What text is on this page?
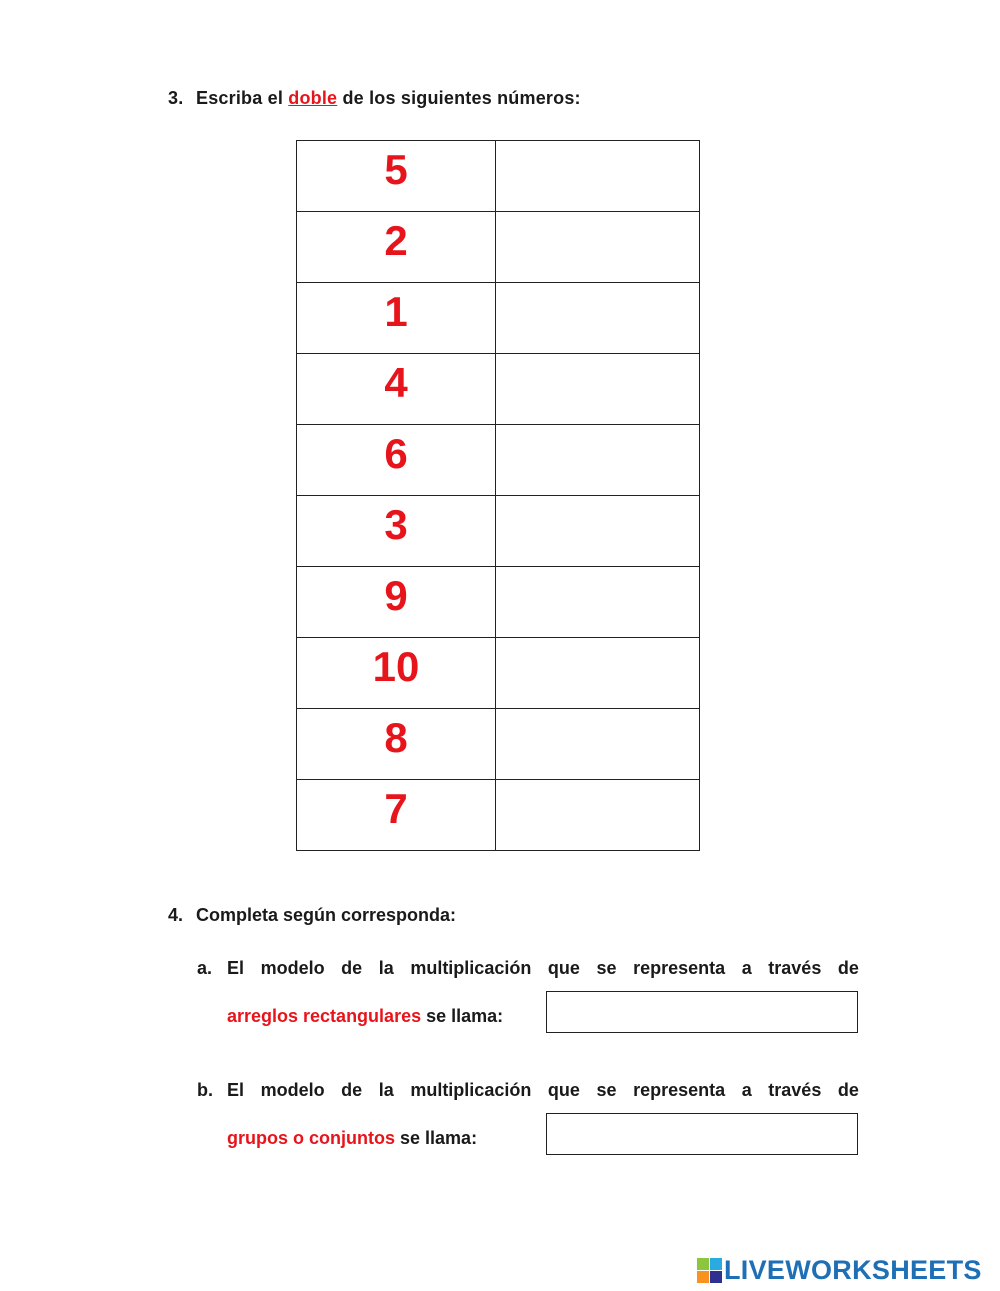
3. Escriba el doble de los siguientes números:
5	
2	
1	
4	
6	
3	
9	
10	
8	
7	
4. Completa según corresponda:
a. El modelo de la multiplicación que se representa a través de
arreglos rectangulares se llama:
b. El modelo de la multiplicación que se representa a través de
grupos o conjuntos se llama:
LIVEWORKSHEETS
